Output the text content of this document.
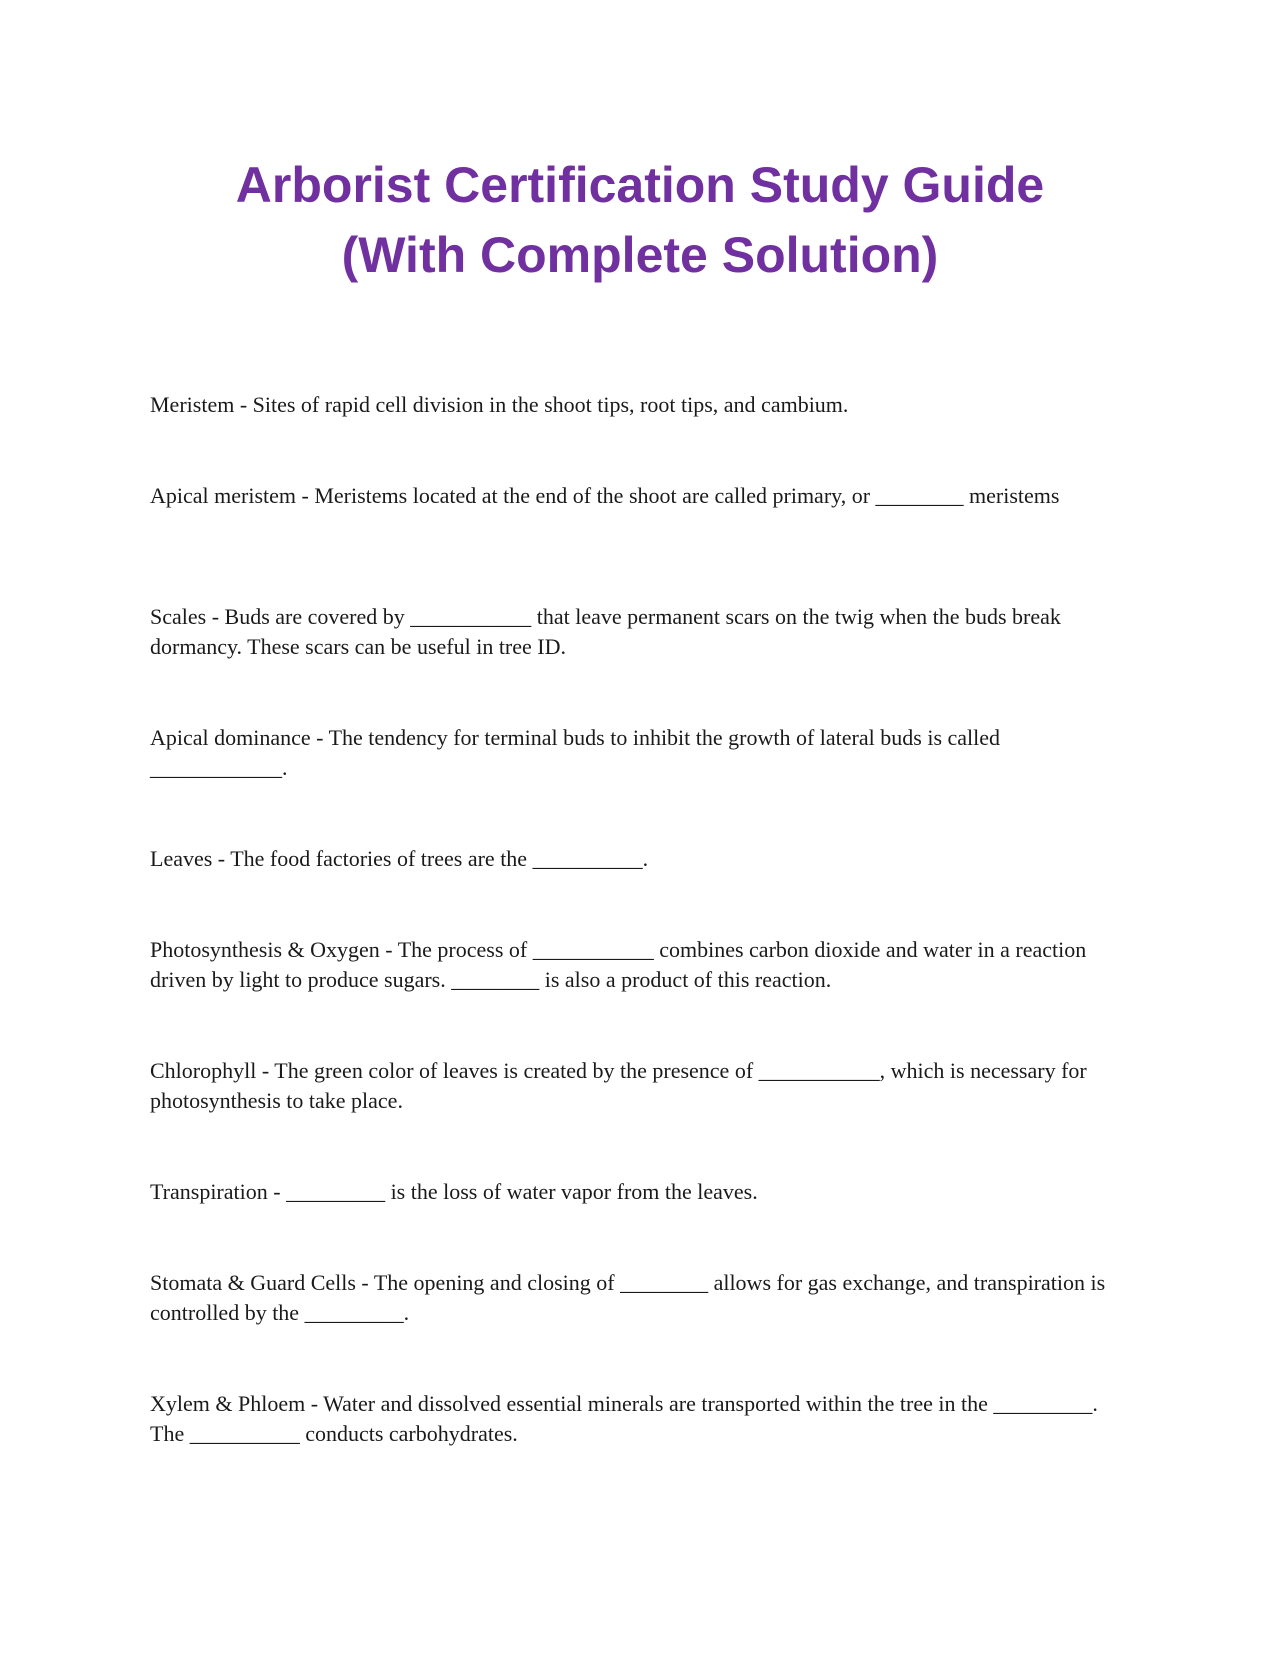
Arborist Certification Study Guide
(With Complete Solution)

Meristem - Sites of rapid cell division in the shoot tips, root tips, and cambium.

Apical meristem - Meristems located at the end of the shoot are called primary, or ________ meristems

Scales - Buds are covered by ___________ that leave permanent scars on the twig when the buds break dormancy. These scars can be useful in tree ID.

Apical dominance - The tendency for terminal buds to inhibit the growth of lateral buds is called ____________.

Leaves - The food factories of trees are the __________.

Photosynthesis & Oxygen - The process of ___________ combines carbon dioxide and water in a reaction driven by light to produce sugars. ________ is also a product of this reaction.

Chlorophyll - The green color of leaves is created by the presence of ___________, which is necessary for photosynthesis to take place.

Transpiration - _________ is the loss of water vapor from the leaves.

Stomata & Guard Cells - The opening and closing of ________ allows for gas exchange, and transpiration is controlled by the _________.

Xylem & Phloem - Water and dissolved essential minerals are transported within the tree in the _________. The __________ conducts carbohydrates.
